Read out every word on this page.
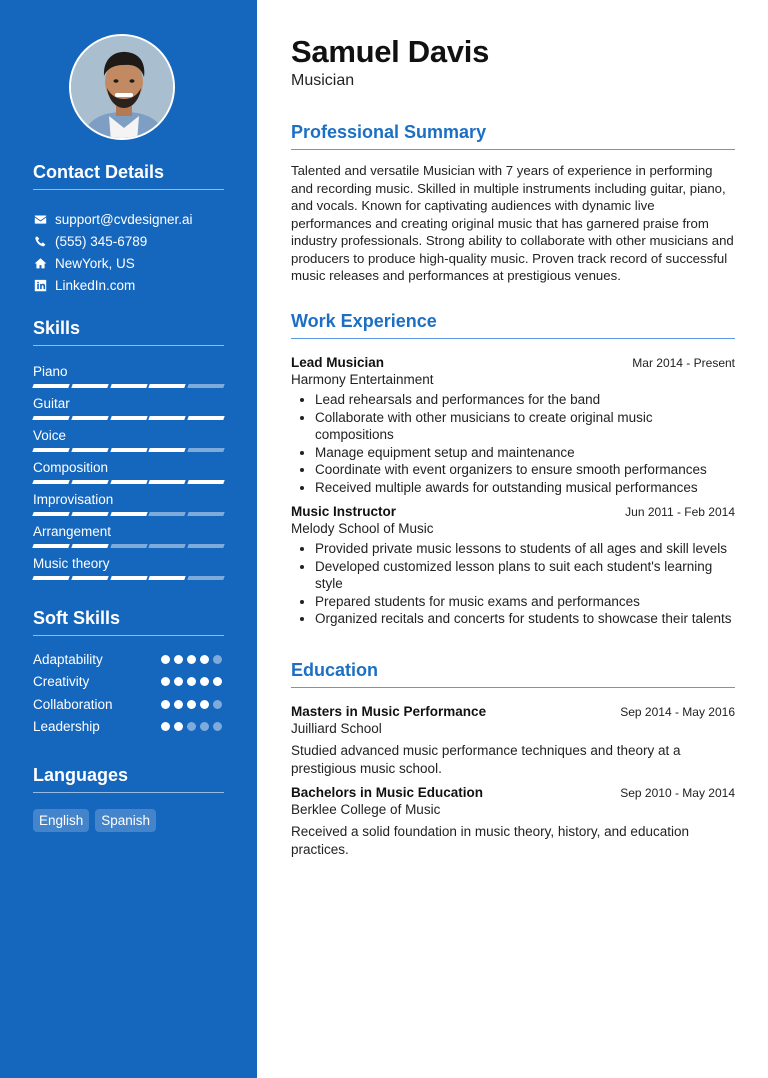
Contact Details
support@cvdesigner.ai
(555) 345-6789
NewYork, US
LinkedIn.com
Skills
Piano
Guitar
Voice
Composition
Improvisation
Arrangement
Music theory
Soft Skills
Adaptability
Creativity
Collaboration
Leadership
Languages
English	Spanish
Samuel Davis
Musician
Professional Summary

Talented and versatile Musician with 7 years of experience in performing and recording music. Skilled in multiple instruments including guitar, piano, and vocals. Known for captivating audiences with dynamic live performances and creating original music that has garnered praise from industry professionals. Strong ability to collaborate with other musicians and producers to produce high-quality music. Proven track record of successful music releases and performances at prestigious venues.

Work Experience
Lead Musician	Mar 2014 - Present
Harmony Entertainment
• Lead rehearsals and performances for the band
• Collaborate with other musicians to create original music compositions
• Manage equipment setup and maintenance
• Coordinate with event organizers to ensure smooth performances
• Received multiple awards for outstanding musical performances
Music Instructor	Jun 2011 - Feb 2014
Melody School of Music
• Provided private music lessons to students of all ages and skill levels
• Developed customized lesson plans to suit each student's learning style
• Prepared students for music exams and performances
• Organized recitals and concerts for students to showcase their talents
Education
Masters in Music Performance	Sep 2014 - May 2016
Juilliard School

Studied advanced music performance techniques and theory at a prestigious music school.

Bachelors in Music Education	Sep 2010 - May 2014
Berklee College of Music

Received a solid foundation in music theory, history, and education practices.
